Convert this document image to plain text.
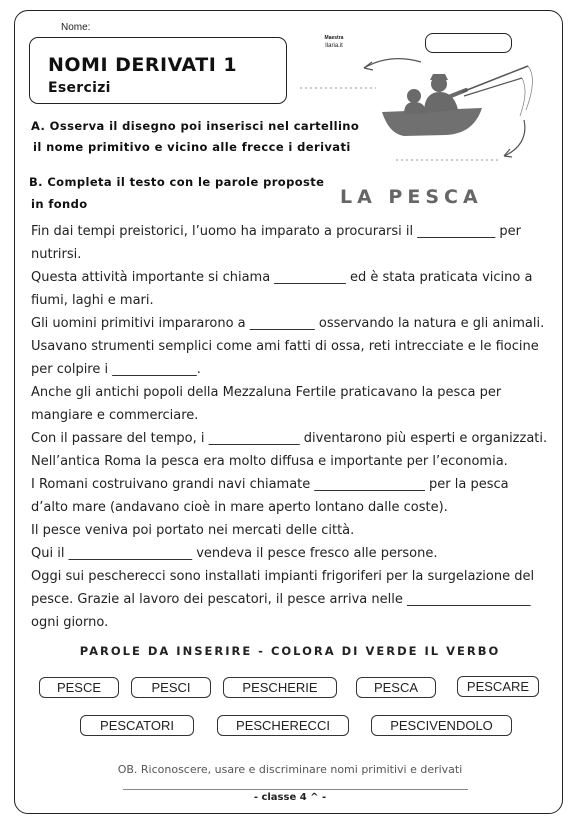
Nome:
NOMI DERIVATI 1
Esercizi
Maestra
Ilaria.it
A. Osserva il disegno poi inserisci nel cartellino
il nome primitivo e vicino alle frecce i derivati
B. Completa il testo con le parole proposte
in fondo	LA PESCA
Fin dai tempi preistorici, l’uomo ha imparato a procurarsi il ____________ per
nutrirsi.
Questa attività importante si chiama ___________ ed è stata praticata vicino a
fiumi, laghi e mari.
Gli uomini primitivi impararono a __________ osservando la natura e gli animali.
Usavano strumenti semplici come ami fatti di ossa, reti intrecciate e le fiocine
per colpire i _____________.
Anche gli antichi popoli della Mezzaluna Fertile praticavano la pesca per
mangiare e commerciare.
Con il passare del tempo, i ______________ diventarono più esperti e organizzati.
Nell’antica Roma la pesca era molto diffusa e importante per l’economia.
I Romani costruivano grandi navi chiamate _________________ per la pesca
d’alto mare (andavano cioè in mare aperto lontano dalle coste).
Il pesce veniva poi portato nei mercati delle città.
Qui il ___________________ vendeva il pesce fresco alle persone.
Oggi sui pescherecci sono installati impianti frigoriferi per la surgelazione del
pesce. Grazie al lavoro dei pescatori, il pesce arriva nelle ___________________
ogni giorno.
PAROLE DA INSERIRE - COLORA DI VERDE IL VERBO
PESCE	PESCI	PESCHERIE	PESCA	PESCARE
PESCATORI	PESCHERECCI	PESCIVENDOLO
OB. Riconoscere, usare e discriminare nomi primitivi e derivati
- classe 4 ^ -
